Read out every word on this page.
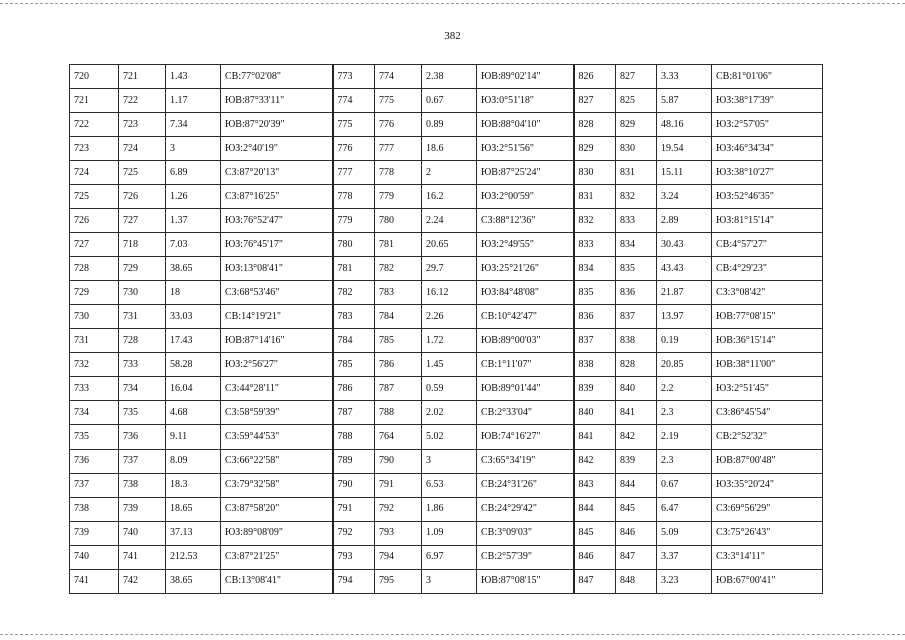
382
720	721	1.43	СВ:77°02'08"	773	774	2.38	ЮВ:89°02'14"	826	827	3.33	СВ:81°01'06"
721	722	1.17	ЮВ:87°33'11"	774	775	0.67	ЮЗ:0°51'18"	827	825	5.87	ЮЗ:38°17'39"
722	723	7.34	ЮВ:87°20'39"	775	776	0.89	ЮВ:88°04'10"	828	829	48.16	ЮЗ:2°57'05"
723	724	3	ЮЗ:2°40'19"	776	777	18.6	ЮЗ:2°51'56"	829	830	19.54	ЮЗ:46°34'34"
724	725	6.89	СЗ:87°20'13"	777	778	2	ЮВ:87°25'24"	830	831	15.11	ЮЗ:38°10'27"
725	726	1.26	СЗ:87°16'25"	778	779	16.2	ЮЗ:2°00'59"	831	832	3.24	ЮЗ:52°46'35"
726	727	1.37	ЮЗ:76°52'47"	779	780	2.24	СЗ:88°12'36"	832	833	2.89	ЮЗ:81°15'14"
727	718	7.03	ЮЗ:76°45'17"	780	781	20.65	ЮЗ:2°49'55"	833	834	30.43	СВ:4°57'27"
728	729	38.65	ЮЗ:13°08'41"	781	782	29.7	ЮЗ:25°21'26"	834	835	43.43	СВ:4°29'23"
729	730	18	СЗ:68°53'46"	782	783	16.12	ЮЗ:84°48'08"	835	836	21.87	СЗ:3°08'42"
730	731	33.03	СВ:14°19'21"	783	784	2.26	СВ:10°42'47"	836	837	13.97	ЮВ:77°08'15"
731	728	17.43	ЮВ:87°14'16"	784	785	1.72	ЮВ:89°00'03"	837	838	0.19	ЮВ:36°15'14"
732	733	58.28	ЮЗ:2°56'27"	785	786	1.45	СВ:1°11'07"	838	828	20.85	ЮВ:38°11'00"
733	734	16.04	СЗ:44°28'11"	786	787	0.59	ЮВ:89°01'44"	839	840	2.2	ЮЗ:2°51'45"
734	735	4.68	СЗ:58°59'39"	787	788	2.02	СВ:2°33'04"	840	841	2.3	СЗ:86°45'54"
735	736	9.11	СЗ:59°44'53"	788	764	5.02	ЮВ:74°16'27"	841	842	2.19	СВ:2°52'32"
736	737	8.09	СЗ:66°22'58"	789	790	3	СЗ:65°34'19"	842	839	2.3	ЮВ:87°00'48"
737	738	18.3	СЗ:79°32'58"	790	791	6.53	СВ:24°31'26"	843	844	0.67	ЮЗ:35°20'24"
738	739	18.65	СЗ:87°58'20"	791	792	1.86	СВ:24°29'42"	844	845	6.47	СЗ:69°56'29"
739	740	37.13	ЮЗ:89°08'09"	792	793	1.09	СВ:3°09'03"	845	846	5.09	СЗ:75°26'43"
740	741	212.53	СЗ:87°21'25"	793	794	6.97	СВ:2°57'39"	846	847	3.37	СЗ:3°14'11"
741	742	38.65	СВ:13°08'41"	794	795	3	ЮВ:87°08'15"	847	848	3.23	ЮВ:67°00'41"
